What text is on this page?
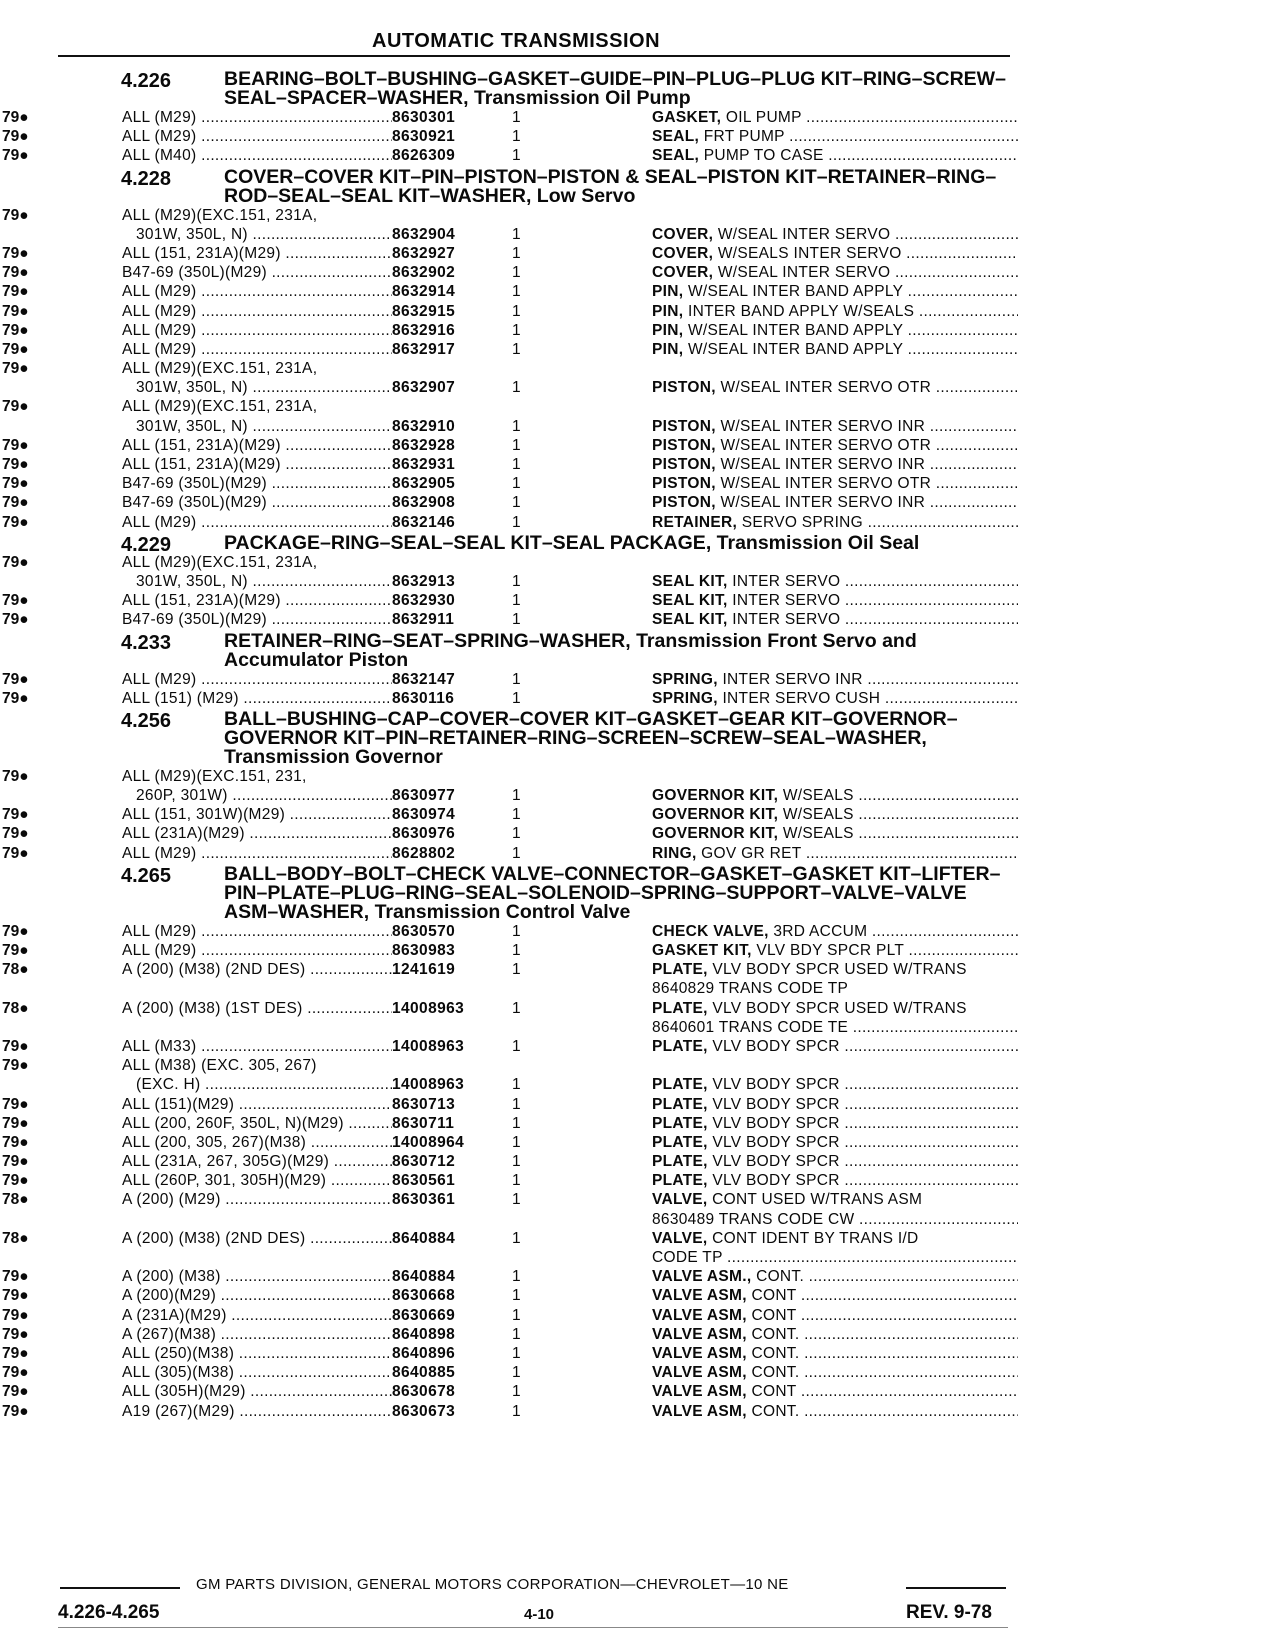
AUTOMATIC TRANSMISSION
4.226	BEARING–BOLT–BUSHING–GASKET–GUIDE–PIN–PLUG–PLUG KIT–RING–SCREW–SEAL–SPACER–WASHER, Transmission Oil Pump
79●	ALL (M29) .....	8630301	1	GASKET, OIL PUMP .....
79●	ALL (M29) .....	8630921	1	SEAL, FRT PUMP .....
79●	ALL (M40) .....	8626309	1	SEAL, PUMP TO CASE .....
4.228	COVER–COVER KIT–PIN–PISTON–PISTON & SEAL–PISTON KIT–RETAINER–RING–ROD–SEAL–SEAL KIT–WASHER, Low Servo
79●	ALL (M29)(EXC.151, 231A,
301W, 350L, N) .....	8632904	1	COVER, W/SEAL INTER SERVO .....
79●	ALL (151, 231A)(M29) .....	8632927	1	COVER, W/SEALS INTER SERVO .....
79●	B47-69 (350L)(M29) .....	8632902	1	COVER, W/SEAL INTER SERVO .....
79●	ALL (M29) .....	8632914	1	PIN, W/SEAL INTER BAND APPLY .....
79●	ALL (M29) .....	8632915	1	PIN, INTER BAND APPLY W/SEALS .....
79●	ALL (M29) .....	8632916	1	PIN, W/SEAL INTER BAND APPLY .....
79●	ALL (M29) .....	8632917	1	PIN, W/SEAL INTER BAND APPLY .....
79●	ALL (M29)(EXC.151, 231A,
301W, 350L, N) .....	8632907	1	PISTON, W/SEAL INTER SERVO OTR .....
79●	ALL (M29)(EXC.151, 231A,
301W, 350L, N) .....	8632910	1	PISTON, W/SEAL INTER SERVO INR .....
79●	ALL (151, 231A)(M29) .....	8632928	1	PISTON, W/SEAL INTER SERVO OTR .....
79●	ALL (151, 231A)(M29) .....	8632931	1	PISTON, W/SEAL INTER SERVO INR .....
79●	B47-69 (350L)(M29) .....	8632905	1	PISTON, W/SEAL INTER SERVO OTR .....
79●	B47-69 (350L)(M29) .....	8632908	1	PISTON, W/SEAL INTER SERVO INR .....
79●	ALL (M29) .....	8632146	1	RETAINER, SERVO SPRING .....
4.229	PACKAGE–RING–SEAL–SEAL KIT–SEAL PACKAGE, Transmission Oil Seal
79●	ALL (M29)(EXC.151, 231A,
301W, 350L, N) .....	8632913	1	SEAL KIT, INTER SERVO .....
79●	ALL (151, 231A)(M29) .....	8632930	1	SEAL KIT, INTER SERVO .....
79●	B47-69 (350L)(M29) .....	8632911	1	SEAL KIT, INTER SERVO .....
4.233	RETAINER–RING–SEAT–SPRING–WASHER, Transmission Front Servo and Accumulator Piston
79●	ALL (M29) .....	8632147	1	SPRING, INTER SERVO INR .....
79●	ALL (151) (M29) .....	8630116	1	SPRING, INTER SERVO CUSH .....
4.256	BALL–BUSHING–CAP–COVER–COVER KIT–GASKET–GEAR KIT–GOVERNOR–GOVERNOR KIT–PIN–RETAINER–RING–SCREEN–SCREW–SEAL–WASHER, Transmission Governor
79●	ALL (M29)(EXC.151, 231,
260P, 301W) .....	8630977	1	GOVERNOR KIT, W/SEALS .....
79●	ALL (151, 301W)(M29) .....	8630974	1	GOVERNOR KIT, W/SEALS .....
79●	ALL (231A)(M29) .....	8630976	1	GOVERNOR KIT, W/SEALS .....
79●	ALL (M29) .....	8628802	1	RING, GOV GR RET .....
4.265	BALL–BODY–BOLT–CHECK VALVE–CONNECTOR–GASKET–GASKET KIT–LIFTER–PIN–PLATE–PLUG–RING–SEAL–SOLENOID–SPRING–SUPPORT–VALVE–VALVE ASM–WASHER, Transmission Control Valve
79●	ALL (M29) .....	8630570	1	CHECK VALVE, 3RD ACCUM .....
79●	ALL (M29) .....	8630983	1	GASKET KIT, VLV BDY SPCR PLT .....
78●	A (200) (M38) (2ND DES) .....	1241619	1	PLATE, VLV BODY SPCR USED W/TRANS
8640829 TRANS CODE TP
78●	A (200) (M38) (1ST DES) .....	14008963	1	PLATE, VLV BODY SPCR USED W/TRANS
8640601 TRANS CODE TE .....
79●	ALL (M33) .....	14008963	1	PLATE, VLV BODY SPCR .....
79●	ALL (M38) (EXC. 305, 267)
(EXC. H) .....	14008963	1	PLATE, VLV BODY SPCR .....
79●	ALL (151)(M29) .....	8630713	1	PLATE, VLV BODY SPCR .....
79●	ALL (200, 260F, 350L, N)(M29) .....	8630711	1	PLATE, VLV BODY SPCR .....
79●	ALL (200, 305, 267)(M38) .....	14008964	1	PLATE, VLV BODY SPCR .....
79●	ALL (231A, 267, 305G)(M29) .....	8630712	1	PLATE, VLV BODY SPCR .....
79●	ALL (260P, 301, 305H)(M29) .....	8630561	1	PLATE, VLV BODY SPCR .....
78●	A (200) (M29) .....	8630361	1	VALVE, CONT USED W/TRANS ASM
8630489 TRANS CODE CW .....
78●	A (200) (M38) (2ND DES) .....	8640884	1	VALVE, CONT IDENT BY TRANS I/D
CODE TP .....
79●	A (200) (M38) .....	8640884	1	VALVE ASM., CONT. .....
79●	A (200)(M29) .....	8630668	1	VALVE ASM, CONT .....
79●	A (231A)(M29) .....	8630669	1	VALVE ASM, CONT .....
79●	A (267)(M38) .....	8640898	1	VALVE ASM, CONT. .....
79●	ALL (250)(M38) .....	8640896	1	VALVE ASM, CONT. .....
79●	ALL (305)(M38) .....	8640885	1	VALVE ASM, CONT. .....
79●	ALL (305H)(M29) .....	8630678	1	VALVE ASM, CONT .....
79●	A19 (267)(M29) .....	8630673	1	VALVE ASM, CONT. .....
GM PARTS DIVISION, GENERAL MOTORS CORPORATION—CHEVROLET—10 NE
4.226-4.265	4-10	REV. 9-78
